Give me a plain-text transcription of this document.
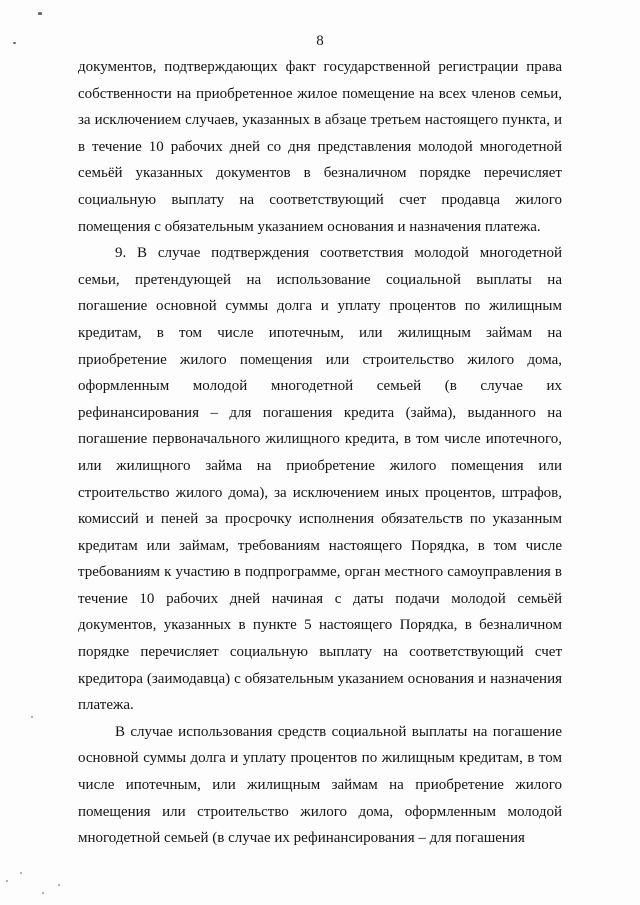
8

документов, подтверждающих факт государственной регистрации права собственности на приобретенное жилое помещение на всех членов семьи, за исключением случаев, указанных в абзаце третьем настоящего пункта, и в течение 10 рабочих дней со дня представления молодой многодетной семьёй указанных документов в безналичном порядке перечисляет социальную выплату на соответствующий счет продавца жилого помещения с обязательным указанием основания и назначения платежа.

9. В случае подтверждения соответствия молодой многодетной семьи, претендующей на использование социальной выплаты на погашение основной суммы долга и уплату процентов по жилищным кредитам, в том числе ипотечным, или жилищным займам на приобретение жилого помещения или строительство жилого дома, оформленным молодой многодетной семьей (в случае их рефинансирования – для погашения кредита (займа), выданного на погашение первоначального жилищного кредита, в том числе ипотечного, или жилищного займа на приобретение жилого помещения или строительство жилого дома), за исключением иных процентов, штрафов, комиссий и пеней за просрочку исполнения обязательств по указанным кредитам или займам, требованиям настоящего Порядка, в том числе требованиям к участию в подпрограмме, орган местного самоуправления в течение 10 рабочих дней начиная с даты подачи молодой семьёй документов, указанных в пункте 5 настоящего Порядка, в безналичном порядке перечисляет социальную выплату на соответствующий счет кредитора (заимодавца) с обязательным указанием основания и назначения платежа.

В случае использования средств социальной выплаты на погашение основной суммы долга и уплату процентов по жилищным кредитам, в том числе ипотечным, или жилищным займам на приобретение жилого помещения или строительство жилого дома, оформленным молодой многодетной семьей (в случае их рефинансирования – для погашения
